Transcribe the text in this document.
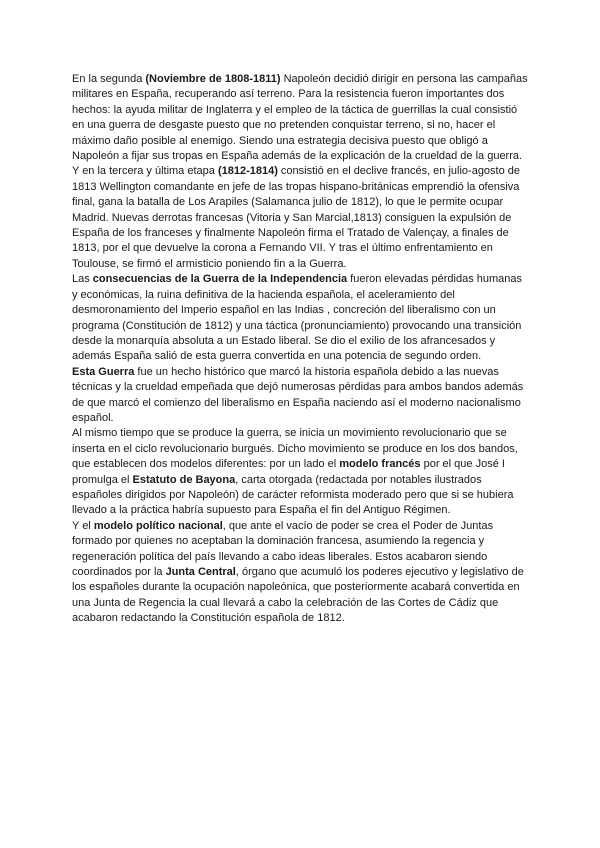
En la segunda (Noviembre de 1808-1811) Napoleón decidió dirigir en persona las campañas militares en España, recuperando así terreno. Para la resistencia fueron importantes dos hechos: la ayuda militar de Inglaterra y el empleo de la táctica de guerrillas la cual consistió en una guerra de desgaste puesto que no pretenden conquistar terreno, si no, hacer el máximo daño posible al enemigo. Siendo una estrategia decisiva puesto que obligó a Napoleón a fijar sus tropas en España además de la explicación de la crueldad de la guerra.

Y en la tercera y última etapa (1812-1814) consistió en el declive francés, en julio-agosto de 1813 Wellington comandante en jefe de las tropas hispano-británicas emprendió la ofensiva final, gana la batalla de Los Arapiles (Salamanca julio de 1812), lo que le permite ocupar Madrid. Nuevas derrotas francesas (Vitoria y San Marcial,1813) consiguen la expulsión de España de los franceses y finalmente Napoleón firma el Tratado de Valençay, a finales de 1813, por el que devuelve la corona a Fernando VII. Y tras el último enfrentamiento en Toulouse, se firmó el armisticio poniendo fin a la Guerra.

Las consecuencias de la Guerra de la Independencia fueron elevadas pérdidas humanas y económicas, la ruina definitiva de la hacienda española, el aceleramiento del desmoronamiento del Imperio español en las Indias , concreción del liberalismo con un programa (Constitución de 1812) y una táctica (pronunciamiento) provocando una transición desde la monarquía absoluta a un Estado liberal. Se dio el exilio de los afrancesados y además España salió de esta guerra convertida en una potencia de segundo orden.

Esta Guerra fue un hecho histórico que marcó la historia española debido a las nuevas técnicas y la crueldad empeñada que dejó numerosas pérdidas para ambos bandos además de que marcó el comienzo del liberalismo en España naciendo así el moderno nacionalismo español.

Al mismo tiempo que se produce la guerra, se inicia un movimiento revolucionario que se inserta en el ciclo revolucionario burgués. Dicho movimiento se produce en los dos bandos, que establecen dos modelos diferentes: por un lado el modelo francés por el que José I promulga el Estatuto de Bayona, carta otorgada (redactada por notables ilustrados españoles dirigidos por Napoleón) de carácter reformista moderado pero que si se hubiera llevado a la práctica habría supuesto para España el fin del Antiguo Régimen.

Y el modelo político nacional, que ante el vacío de poder se crea el Poder de Juntas formado por quienes no aceptaban la dominación francesa, asumiendo la regencia y regeneración política del país llevando a cabo ideas liberales. Estos acabaron siendo coordinados por la Junta Central, órgano que acumuló los poderes ejecutivo y legislativo de los españoles durante la ocupación napoleónica, que posteriormente acabará convertida en una Junta de Regencia la cual llevará a cabo la celebración de las Cortes de Cádiz que acabaron redactando la Constitución española de 1812.
